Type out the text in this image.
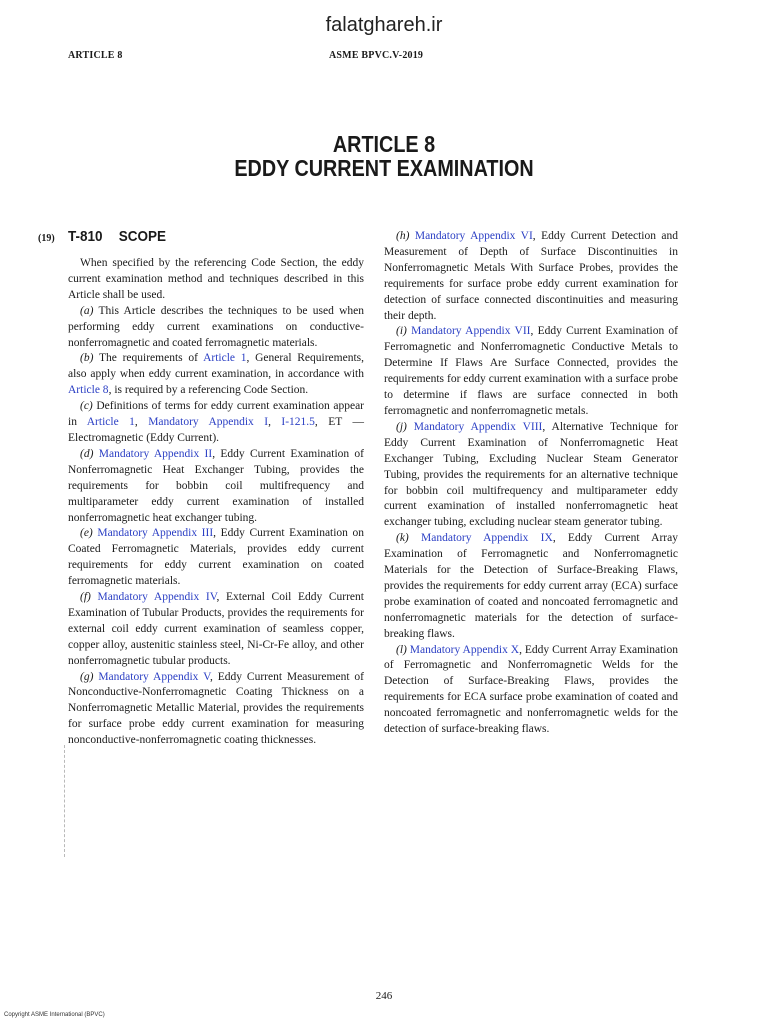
falatghareh.ir
ARTICLE 8	ASME BPVC.V-2019
ARTICLE 8
EDDY CURRENT EXAMINATION
(19) T-810 SCOPE

When specified by the referencing Code Section, the eddy current examination method and techniques described in this Article shall be used.

(a) This Article describes the techniques to be used when performing eddy current examinations on conductive-nonferromagnetic and coated ferromagnetic materials.

(b) The requirements of Article 1, General Requirements, also apply when eddy current examination, in accordance with Article 8, is required by a referencing Code Section.

(c) Definitions of terms for eddy current examination appear in Article 1, Mandatory Appendix I, I-121.5, ET — Electromagnetic (Eddy Current).

(d) Mandatory Appendix II, Eddy Current Examination of Nonferromagnetic Heat Exchanger Tubing, provides the requirements for bobbin coil multifrequency and multiparameter eddy current examination of installed nonferromagnetic heat exchanger tubing.

(e) Mandatory Appendix III, Eddy Current Examination on Coated Ferromagnetic Materials, provides eddy current requirements for eddy current examination on coated ferromagnetic materials.

(f) Mandatory Appendix IV, External Coil Eddy Current Examination of Tubular Products, provides the requirements for external coil eddy current examination of seamless copper, copper alloy, austenitic stainless steel, Ni-Cr-Fe alloy, and other nonferromagnetic tubular products.

(g) Mandatory Appendix V, Eddy Current Measurement of Nonconductive-Nonferromagnetic Coating Thickness on a Nonferromagnetic Metallic Material, provides the requirements for surface probe eddy current examination for measuring nonconductive-nonferromagnetic coating thicknesses.

(h) Mandatory Appendix VI, Eddy Current Detection and Measurement of Depth of Surface Discontinuities in Nonferromagnetic Metals With Surface Probes, provides the requirements for surface probe eddy current examination for detection of surface connected discontinuities and measuring their depth.

(i) Mandatory Appendix VII, Eddy Current Examination of Ferromagnetic and Nonferromagnetic Conductive Metals to Determine If Flaws Are Surface Connected, provides the requirements for eddy current examination with a surface probe to determine if flaws are surface connected in both ferromagnetic and nonferromagnetic metals.

(j) Mandatory Appendix VIII, Alternative Technique for Eddy Current Examination of Nonferromagnetic Heat Exchanger Tubing, Excluding Nuclear Steam Generator Tubing, provides the requirements for an alternative technique for bobbin coil multifrequency and multiparameter eddy current examination of installed nonferromagnetic heat exchanger tubing, excluding nuclear steam generator tubing.

(k) Mandatory Appendix IX, Eddy Current Array Examination of Ferromagnetic and Nonferromagnetic Materials for the Detection of Surface-Breaking Flaws, provides the requirements for eddy current array (ECA) surface probe examination of coated and noncoated ferromagnetic and nonferromagnetic materials for the detection of surface-breaking flaws.

(l) Mandatory Appendix X, Eddy Current Array Examination of Ferromagnetic and Nonferromagnetic Welds for the Detection of Surface-Breaking Flaws, provides the requirements for ECA surface probe examination of coated and noncoated ferromagnetic and nonferromagnetic welds for the detection of surface-breaking flaws.

246
Copyright ASME International (BPVC)
